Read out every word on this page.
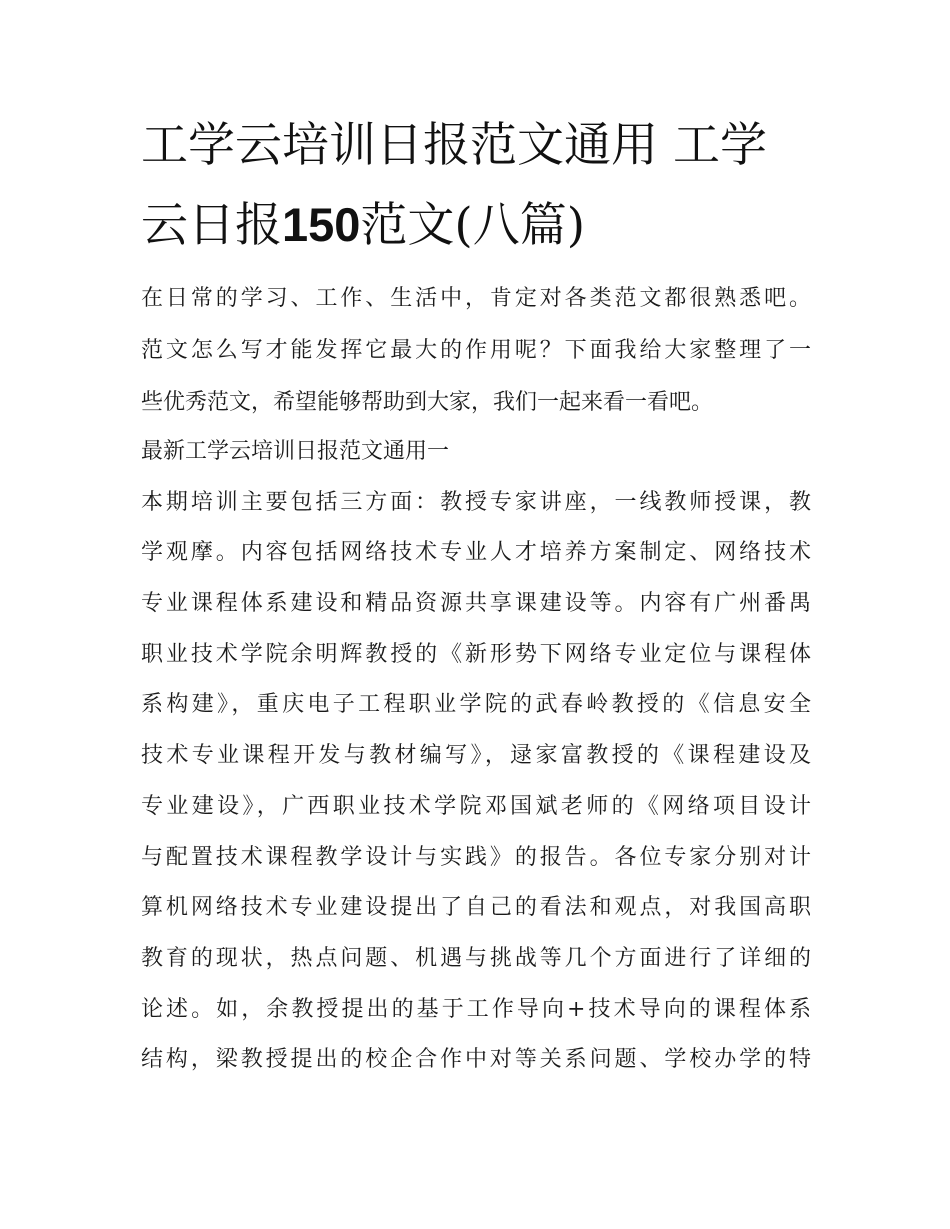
工学云培训日报范文通用 工学
云日报150范文(八篇)
在日常的学习、工作、生活中，肯定对各类范文都很熟悉吧。
范文怎么写才能发挥它最大的作用呢？下面我给大家整理了一
些优秀范文，希望能够帮助到大家，我们一起来看一看吧。
最新工学云培训日报范文通用一
本期培训主要包括三方面：教授专家讲座，一线教师授课，教
学观摩。内容包括网络技术专业人才培养方案制定、网络技术
专业课程体系建设和精品资源共享课建设等。内容有广州番禺
职业技术学院余明辉教授的《新形势下网络专业定位与课程体
系构建》，重庆电子工程职业学院的武春岭教授的《信息安全
技术专业课程开发与教材编写》，逯家富教授的《课程建设及
专业建设》，广西职业技术学院邓国斌老师的《网络项目设计
与配置技术课程教学设计与实践》的报告。各位专家分别对计
算机网络技术专业建设提出了自己的看法和观点，对我国高职
教育的现状，热点问题、机遇与挑战等几个方面进行了详细的
论述。如，余教授提出的基于工作导向+技术导向的课程体系
结构，梁教授提出的校企合作中对等关系问题、学校办学的特
